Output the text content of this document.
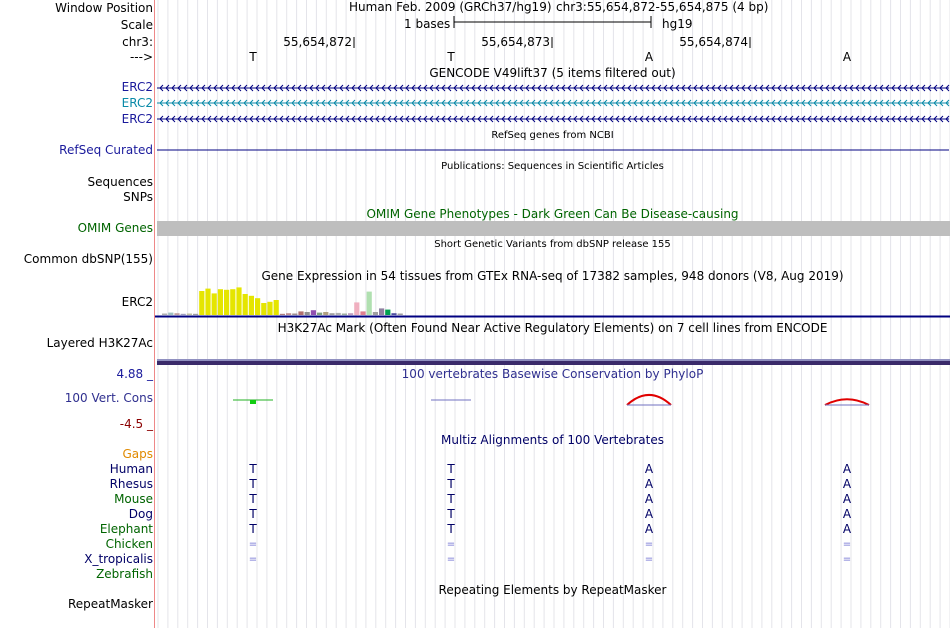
Window Position	Human Feb. 2009 (GRCh37/hg19) chr3:55,654,872-55,654,875 (4 bp)
Scale	1 bases	hg19
chr3:	55,654,872	55,654,873	55,654,874
--->	T	T	A	A
GENCODE V49lift37 (5 items filtered out)
ERC2
ERC2
ERC2
RefSeq genes from NCBI
RefSeq Curated
Publications: Sequences in Scientific Articles
Sequences
SNPs
OMIM Gene Phenotypes - Dark Green Can Be Disease-causing
OMIM Genes
Short Genetic Variants from dbSNP release 155
Common dbSNP(155)
Gene Expression in 54 tissues from GTEx RNA-seq of 17382 samples, 948 donors (V8, Aug 2019)
ERC2
H3K27Ac Mark (Often Found Near Active Regulatory Elements) on 7 cell lines from ENCODE
Layered H3K27Ac
4.88 _	100 vertebrates Basewise Conservation by PhyloP
100 Vert. Cons
-4.5 _
Multiz Alignments of 100 Vertebrates
Gaps
Human	T	T	A	A
Rhesus	T	T	A	A
Mouse	T	T	A	A
Dog	T	T	A	A
Elephant	T	T	A	A
Chicken	=	=	=	=
X_tropicalis	=	=	=	=
Zebrafish
Repeating Elements by RepeatMasker
RepeatMasker
